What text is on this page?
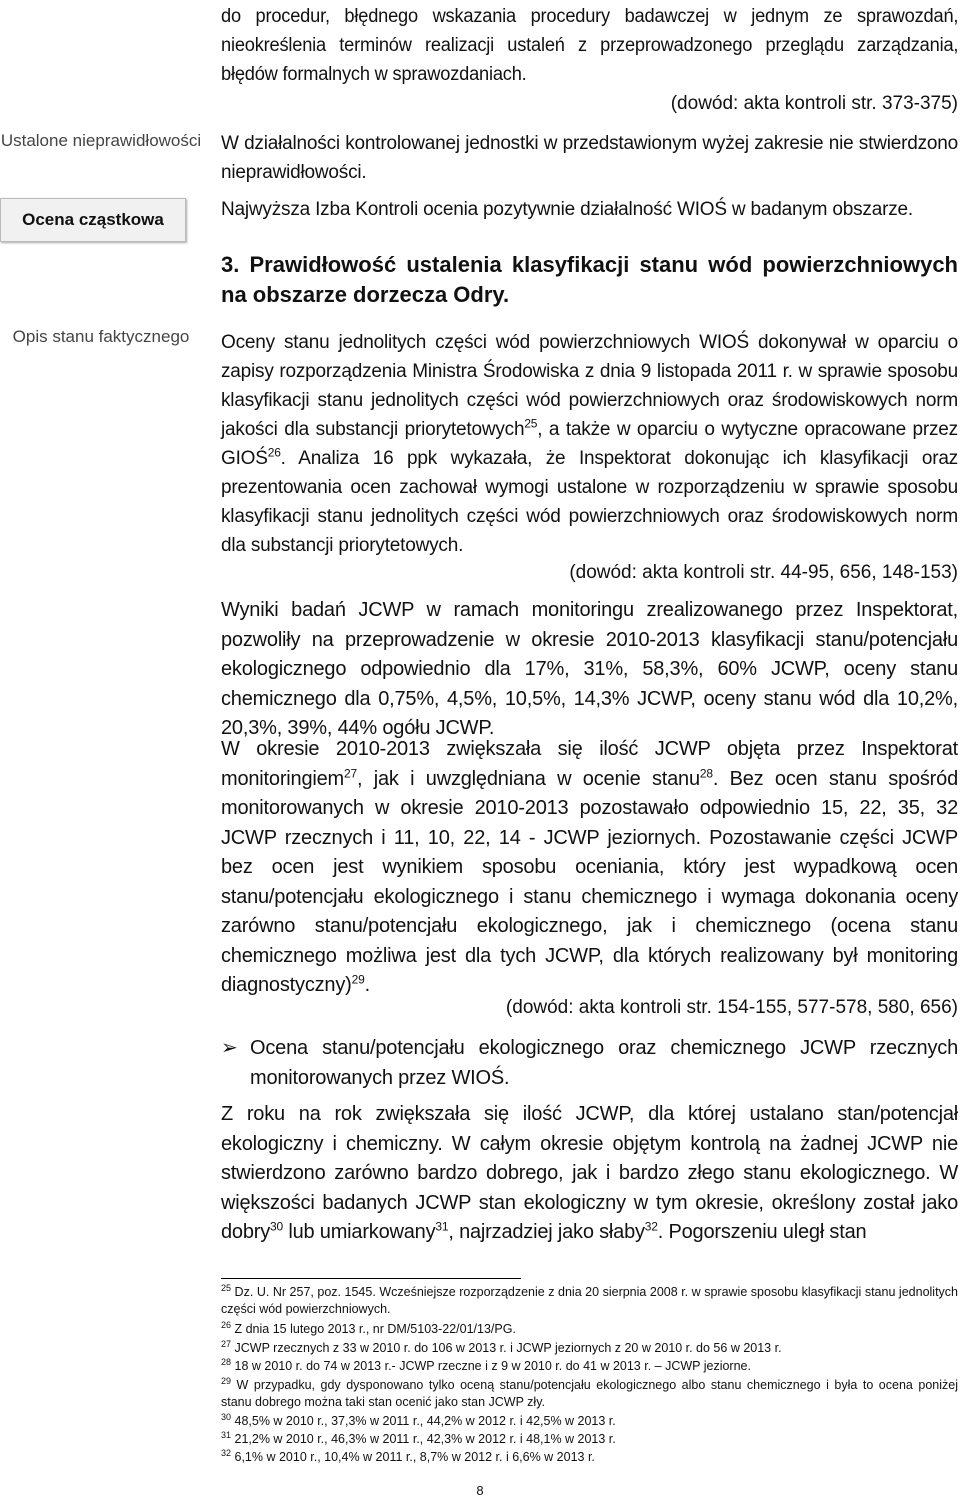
Ustalone nieprawidłowości
Ocena cząstkowa
Opis stanu faktycznego

do procedur, błędnego wskazania procedury badawczej w jednym ze sprawozdań, nieokreślenia terminów realizacji ustaleń z przeprowadzonego przeglądu zarządzania, błędów formalnych w sprawozdaniach.

(dowód: akta kontroli str. 373-375)

W działalności kontrolowanej jednostki w przedstawionym wyżej zakresie nie stwierdzono nieprawidłowości.

Najwyższa Izba Kontroli ocenia pozytywnie działalność WIOŚ w badanym obszarze.

3. Prawidłowość ustalenia klasyfikacji stanu wód powierzchniowych na obszarze dorzecza Odry.

Oceny stanu jednolitych części wód powierzchniowych WIOŚ dokonywał w oparciu o zapisy rozporządzenia Ministra Środowiska z dnia 9 listopada 2011 r. w sprawie sposobu klasyfikacji stanu jednolitych części wód powierzchniowych oraz środowiskowych norm jakości dla substancji priorytetowych$^{25}$, a także w oparciu o wytyczne opracowane przez GIOŚ$^{26}$. Analiza 16 ppk wykazała, że Inspektorat dokonując ich klasyfikacji oraz prezentowania ocen zachował wymogi ustalone w rozporządzeniu w sprawie sposobu klasyfikacji stanu jednolitych części wód powierzchniowych oraz środowiskowych norm dla substancji priorytetowych.

(dowód: akta kontroli str. 44-95, 656, 148-153)

Wyniki badań JCWP w ramach monitoringu zrealizowanego przez Inspektorat, pozwoliły na przeprowadzenie w okresie 2010-2013 klasyfikacji stanu/potencjału ekologicznego odpowiednio dla 17%, 31%, 58,3%, 60% JCWP, oceny stanu chemicznego dla 0,75%, 4,5%, 10,5%, 14,3% JCWP, oceny stanu wód dla 10,2%, 20,3%, 39%, 44% ogółu JCWP.

W okresie 2010-2013 zwiększała się ilość JCWP objęta przez Inspektorat monitoringiem$^{27}$, jak i uwzględniana w ocenie stanu$^{28}$. Bez ocen stanu spośród monitorowanych w okresie 2010-2013 pozostawało odpowiednio 15, 22, 35, 32 JCWP rzecznych i 11, 10, 22, 14 - JCWP jeziornych. Pozostawanie części JCWP bez ocen jest wynikiem sposobu oceniania, który jest wypadkową ocen stanu/potencjału ekologicznego i stanu chemicznego i wymaga dokonania oceny zarówno stanu/potencjału ekologicznego, jak i chemicznego (ocena stanu chemicznego możliwa jest dla tych JCWP, dla których realizowany był monitoring diagnostyczny)$^{29}$.

(dowód: akta kontroli str. 154-155, 577-578, 580, 656)

➢ Ocena stanu/potencjału ekologicznego oraz chemicznego JCWP rzecznych monitorowanych przez WIOŚ.

Z roku na rok zwiększała się ilość JCWP, dla której ustalano stan/potencjał ekologiczny i chemiczny. W całym okresie objętym kontrolą na żadnej JCWP nie stwierdzono zarówno bardzo dobrego, jak i bardzo złego stanu ekologicznego. W większości badanych JCWP stan ekologiczny w tym okresie, określony został jako dobry$^{30}$ lub umiarkowany$^{31}$, najrzadziej jako słaby$^{32}$. Pogorszeniu uległ stan

$^{25}$ Dz. U. Nr 257, poz. 1545. Wcześniejsze rozporządzenie z dnia 20 sierpnia 2008 r. w sprawie sposobu klasyfikacji stanu jednolitych części wód powierzchniowych.
$^{26}$ Z dnia 15 lutego 2013 r., nr DM/5103-22/01/13/PG.
$^{27}$ JCWP rzecznych z 33 w 2010 r. do 106 w 2013 r. i JCWP jeziornych z 20 w 2010 r. do 56 w 2013 r.
$^{28}$ 18 w 2010 r. do 74 w 2013 r.- JCWP rzeczne i z 9 w 2010 r. do 41 w 2013 r. – JCWP jeziorne.
$^{29}$ W przypadku, gdy dysponowano tylko oceną stanu/potencjału ekologicznego albo stanu chemicznego i była to ocena poniżej stanu dobrego można taki stan ocenić jako stan JCWP zły.
$^{30}$ 48,5% w 2010 r., 37,3% w 2011 r., 44,2% w 2012 r. i 42,5% w 2013 r.
$^{31}$ 21,2% w 2010 r., 46,3% w 2011 r., 42,3% w 2012 r. i 48,1% w 2013 r.
$^{32}$ 6,1% w 2010 r., 10,4% w 2011 r., 8,7% w 2012 r. i 6,6% w 2013 r.
8
